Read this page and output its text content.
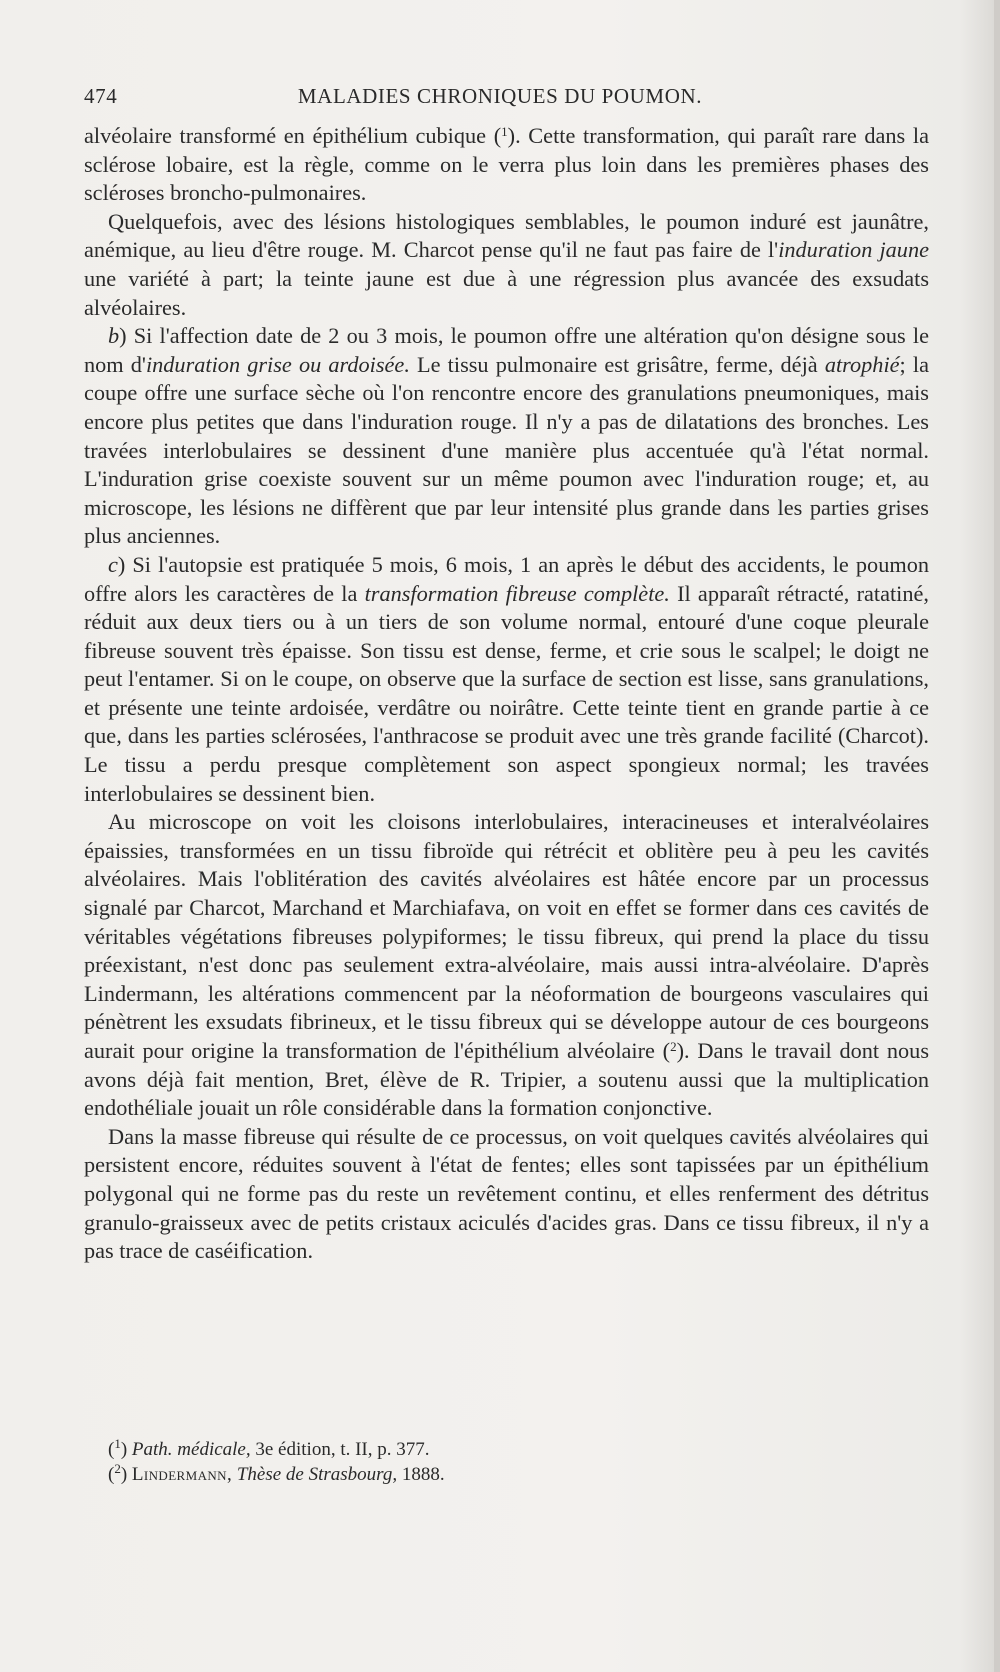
474	MALADIES CHRONIQUES DU POUMON.

alvéolaire transformé en épithélium cubique ($^1$). Cette transformation, qui paraît rare dans la sclérose lobaire, est la règle, comme on le verra plus loin dans les premières phases des scléroses broncho-pulmonaires.

Quelquefois, avec des lésions histologiques semblables, le poumon induré est jaunâtre, anémique, au lieu d'être rouge. M. Charcot pense qu'il ne faut pas faire de l'induration jaune une variété à part; la teinte jaune est due à une régression plus avancée des exsudats alvéolaires.

b) Si l'affection date de 2 ou 3 mois, le poumon offre une altération qu'on désigne sous le nom d'induration grise ou ardoisée. Le tissu pulmonaire est grisâtre, ferme, déjà atrophié; la coupe offre une surface sèche où l'on rencontre encore des granulations pneumoniques, mais encore plus petites que dans l'induration rouge. Il n'y a pas de dilatations des bronches. Les travées interlobulaires se dessinent d'une manière plus accentuée qu'à l'état normal. L'induration grise coexiste souvent sur un même poumon avec l'induration rouge; et, au microscope, les lésions ne diffèrent que par leur intensité plus grande dans les parties grises plus anciennes.

c) Si l'autopsie est pratiquée 5 mois, 6 mois, 1 an après le début des accidents, le poumon offre alors les caractères de la transformation fibreuse complète. Il apparaît rétracté, ratatiné, réduit aux deux tiers ou à un tiers de son volume normal, entouré d'une coque pleurale fibreuse souvent très épaisse. Son tissu est dense, ferme, et crie sous le scalpel; le doigt ne peut l'entamer. Si on le coupe, on observe que la surface de section est lisse, sans granulations, et présente une teinte ardoisée, verdâtre ou noirâtre. Cette teinte tient en grande partie à ce que, dans les parties sclérosées, l'anthracose se produit avec une très grande facilité (Charcot). Le tissu a perdu presque complètement son aspect spongieux normal; les travées interlobulaires se dessinent bien.

Au microscope on voit les cloisons interlobulaires, interacineuses et interalvéolaires épaissies, transformées en un tissu fibroïde qui rétrécit et oblitère peu à peu les cavités alvéolaires. Mais l'oblitération des cavités alvéolaires est hâtée encore par un processus signalé par Charcot, Marchand et Marchiafava, on voit en effet se former dans ces cavités de véritables végétations fibreuses polypiformes; le tissu fibreux, qui prend la place du tissu préexistant, n'est donc pas seulement extra-alvéolaire, mais aussi intra-alvéolaire. D'après Lindermann, les altérations commencent par la néoformation de bourgeons vasculaires qui pénètrent les exsudats fibrineux, et le tissu fibreux qui se développe autour de ces bourgeons aurait pour origine la transformation de l'épithélium alvéolaire ($^2$). Dans le travail dont nous avons déjà fait mention, Bret, élève de R. Tripier, a soutenu aussi que la multiplication endothéliale jouait un rôle considérable dans la formation conjonctive.

Dans la masse fibreuse qui résulte de ce processus, on voit quelques cavités alvéolaires qui persistent encore, réduites souvent à l'état de fentes; elles sont tapissées par un épithélium polygonal qui ne forme pas du reste un revêtement continu, et elles renferment des détritus granulo-graisseux avec de petits cristaux aciculés d'acides gras. Dans ce tissu fibreux, il n'y a pas trace de caséification.

($^1$) Path. médicale, 3e édition, t. II, p. 377.
($^2$) Lindermann, Thèse de Strasbourg, 1888.
